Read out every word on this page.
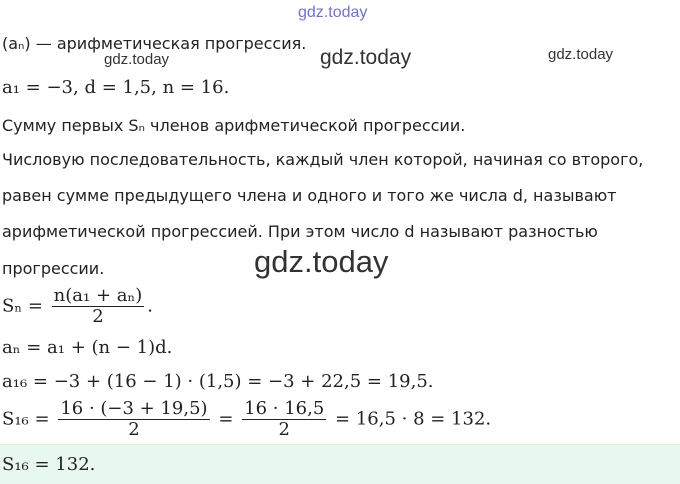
gdz.today
gdz.today	gdz.today	gdz.today
gdz.today
(aₙ) — арифметическая прогрессия.
a₁ = −3, d = 1,5, n = 16.
Сумму первых Sₙ членов арифметической прогрессии.
Числовую последовательность, каждый член которой, начиная со второго,
равен сумме предыдущего члена и одного и того же числа d, называют
арифметической прогрессией. При этом число d называют разностью
прогрессии.
$S_n = \frac{\text{n(a₁ + aₙ)}}{2}$ .
aₙ = a₁ + (n − 1)d.
a₁₆ = −3 + (16 − 1) · (1,5) = −3 + 22,5 = 19,5.
$S_{16} = \frac{16 \cdot (-3 + 19,5)}{2} = \frac{16 \cdot 16,5}{2} = 16,5 \cdot 8 = 132$.
S₁₆ = 132.
